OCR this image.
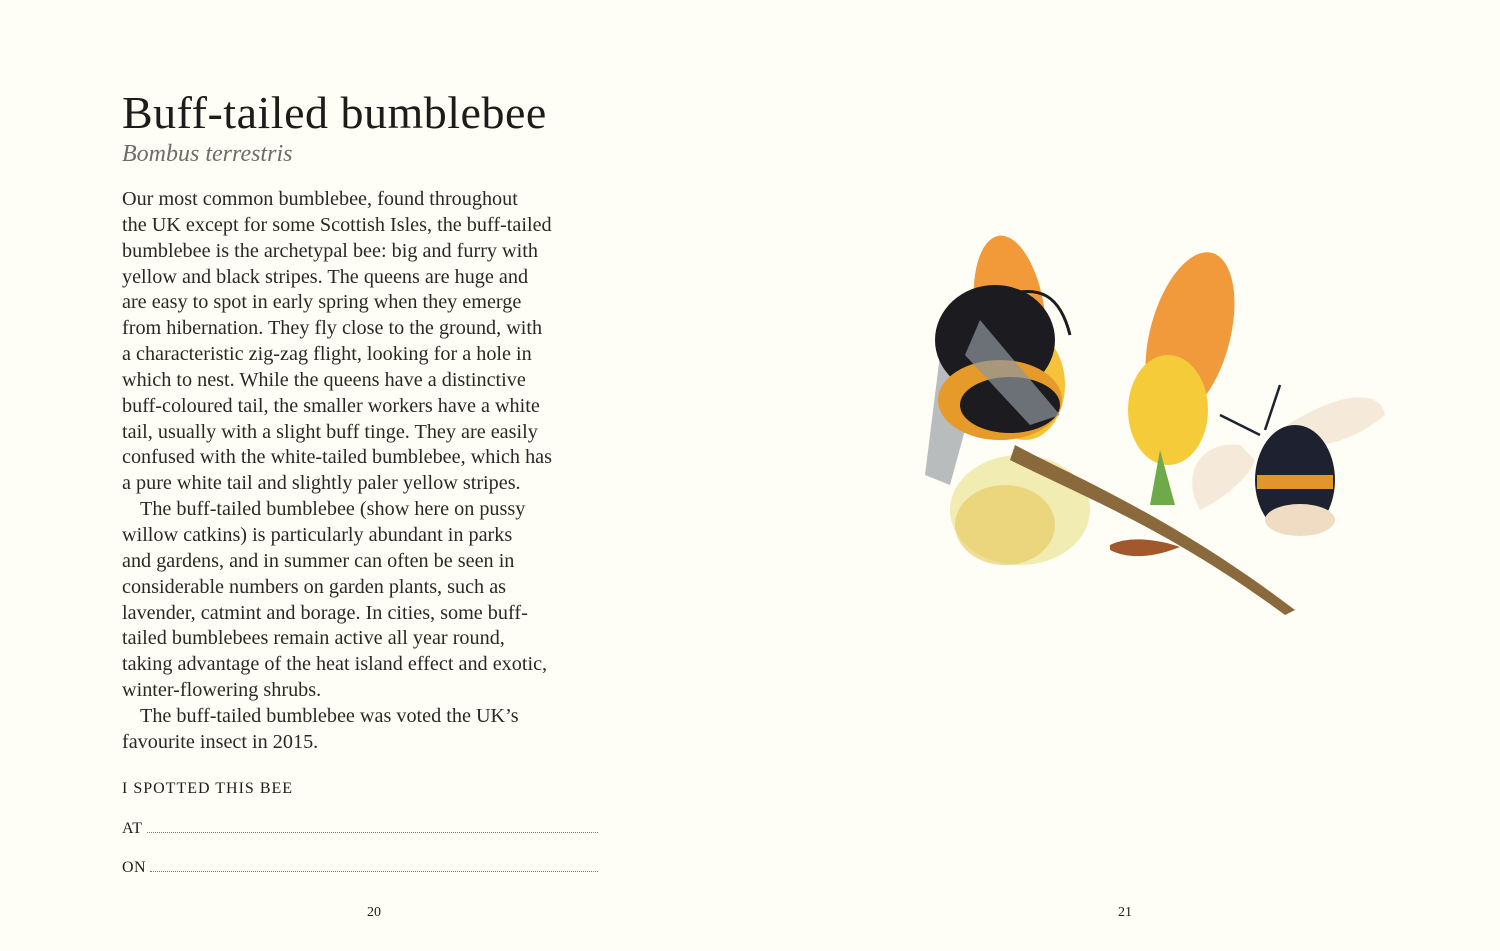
Buff-tailed bumblebee
Bombus terrestris
Our most common bumblebee, found throughout
the UK except for some Scottish Isles, the buff-tailed
bumblebee is the archetypal bee: big and furry with
yellow and black stripes. The queens are huge and
are easy to spot in early spring when they emerge
from hibernation. They fly close to the ground, with
a characteristic zig-zag flight, looking for a hole in
which to nest. While the queens have a distinctive
buff-coloured tail, the smaller workers have a white
tail, usually with a slight buff tinge. They are easily
confused with the white-tailed bumblebee, which has
a pure white tail and slightly paler yellow stripes.
The buff-tailed bumblebee (show here on pussy
willow catkins) is particularly abundant in parks
and gardens, and in summer can often be seen in
considerable numbers on garden plants, such as
lavender, catmint and borage. In cities, some buff-
tailed bumblebees remain active all year round,
taking advantage of the heat island effect and exotic,
winter-flowering shrubs.
The buff-tailed bumblebee was voted the UK’s
favourite insect in 2015.
I SPOTTED THIS BEE
AT
ON
20	21
